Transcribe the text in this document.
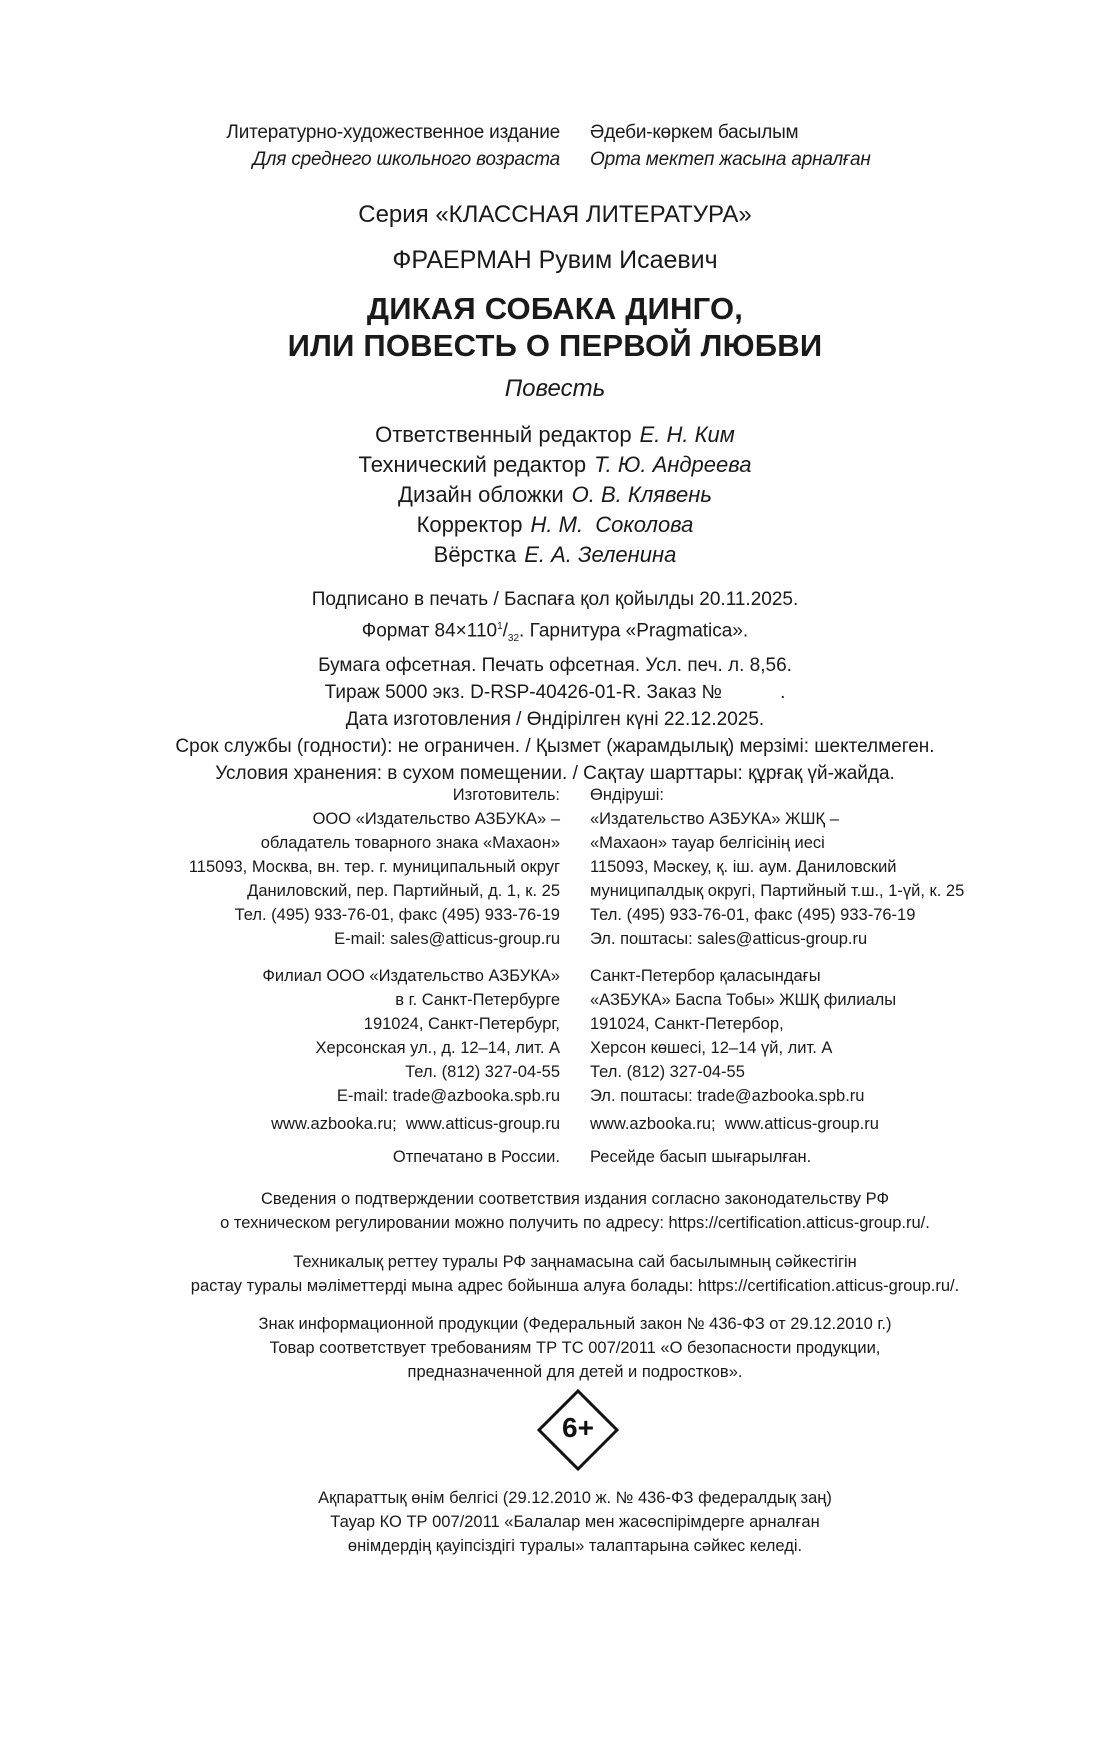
Литературно-художественное издание
Для среднего школьного возраста
Әдеби-көркем басылым
Орта мектеп жасына арналған
Серия «КЛАССНАЯ ЛИТЕРАТУРА»
ФРАЕРМАН Рувим Исаевич
ДИКАЯ СОБАКА ДИНГО,
ИЛИ ПОВЕСТЬ О ПЕРВОЙ ЛЮБВИ
Повесть
Ответственный редактор Е. Н. Ким
Технический редактор Т. Ю. Андреева
Дизайн обложки О. В. Клявень
Корректор Н. М.  Соколова
Вёрстка Е. А. Зеленина
Подписано в печать / Баспаға қол қойылды 20.11.2025.
Формат $84\times 110^1/_{32}$. Гарнитура «Pragmatica».
Бумага офсетная. Печать офсетная. Усл. печ. л. 8,56.
Тираж 5000 экз. D-RSP-40426-01-R. Заказ №           .
Дата изготовления / Өндірілген күні 22.12.2025.
Срок службы (годности): не ограничен. / Қызмет (жарамдылық) мерзімі: шектелмеген.
Условия хранения: в сухом помещении. / Сақтау шарттары: құрғақ үй-жайда.
Изготовитель:
ООО «Издательство АЗБУКА» –
обладатель товарного знака «Махаон»
115093, Москва, вн. тер. г. муниципальный округ
Даниловский, пер. Партийный, д. 1, к. 25
Тел. (495) 933-76-01, факс (495) 933-76-19
E-mail: sales@atticus-group.ru
Өндіруші:
«Издательство АЗБУКА» ЖШҚ –
«Махаон» тауар белгісінің иесі
115093, Мәскеу, қ. іш. аум. Даниловский
муниципалдық округі, Партийный т.ш., 1-үй, к. 25
Тел. (495) 933-76-01, факс (495) 933-76-19
Эл. поштасы: sales@atticus-group.ru
Филиал ООО «Издательство АЗБУКА»
в г. Санкт-Петербурге
191024, Санкт-Петербург,
Херсонская ул., д. 12–14, лит. А
Тел. (812) 327-04-55
E-mail: trade@azbooka.spb.ru
Санкт-Петербор қаласындағы
«АЗБУКА» Баспа Тобы» ЖШҚ филиалы
191024, Санкт-Петербор,
Херсон көшесі, 12–14 үй, лит. А
Тел. (812) 327-04-55
Эл. поштасы: trade@azbooka.spb.ru
www.azbooka.ru;  www.atticus-group.ru	www.azbooka.ru;  www.atticus-group.ru
Отпечатано в России.	Ресейде басып шығарылған.
Сведения о подтверждении соответствия издания согласно законодательству РФ
о техническом регулировании можно получить по адресу: https://certification.atticus-group.ru/.
Техникалық реттеу туралы РФ заңнамасына сай басылымның сәйкестігін
растау туралы мәліметтерді мына адрес бойынша алуға болады: https://certification.atticus-group.ru/.
Знак информационной продукции (Федеральный закон № 436-ФЗ от 29.12.2010 г.)
Товар соответствует требованиям ТР ТС 007/2011 «О безопасности продукции,
предназначенной для детей и подростков».
6+
Ақпараттық өнім белгісі (29.12.2010 ж. № 436-ФЗ федералдық заң)
Тауар КО ТР 007/2011 «Балалар мен жасөспірімдерге арналған
өнімдердің қауіпсіздігі туралы» талаптарына сәйкес келеді.
